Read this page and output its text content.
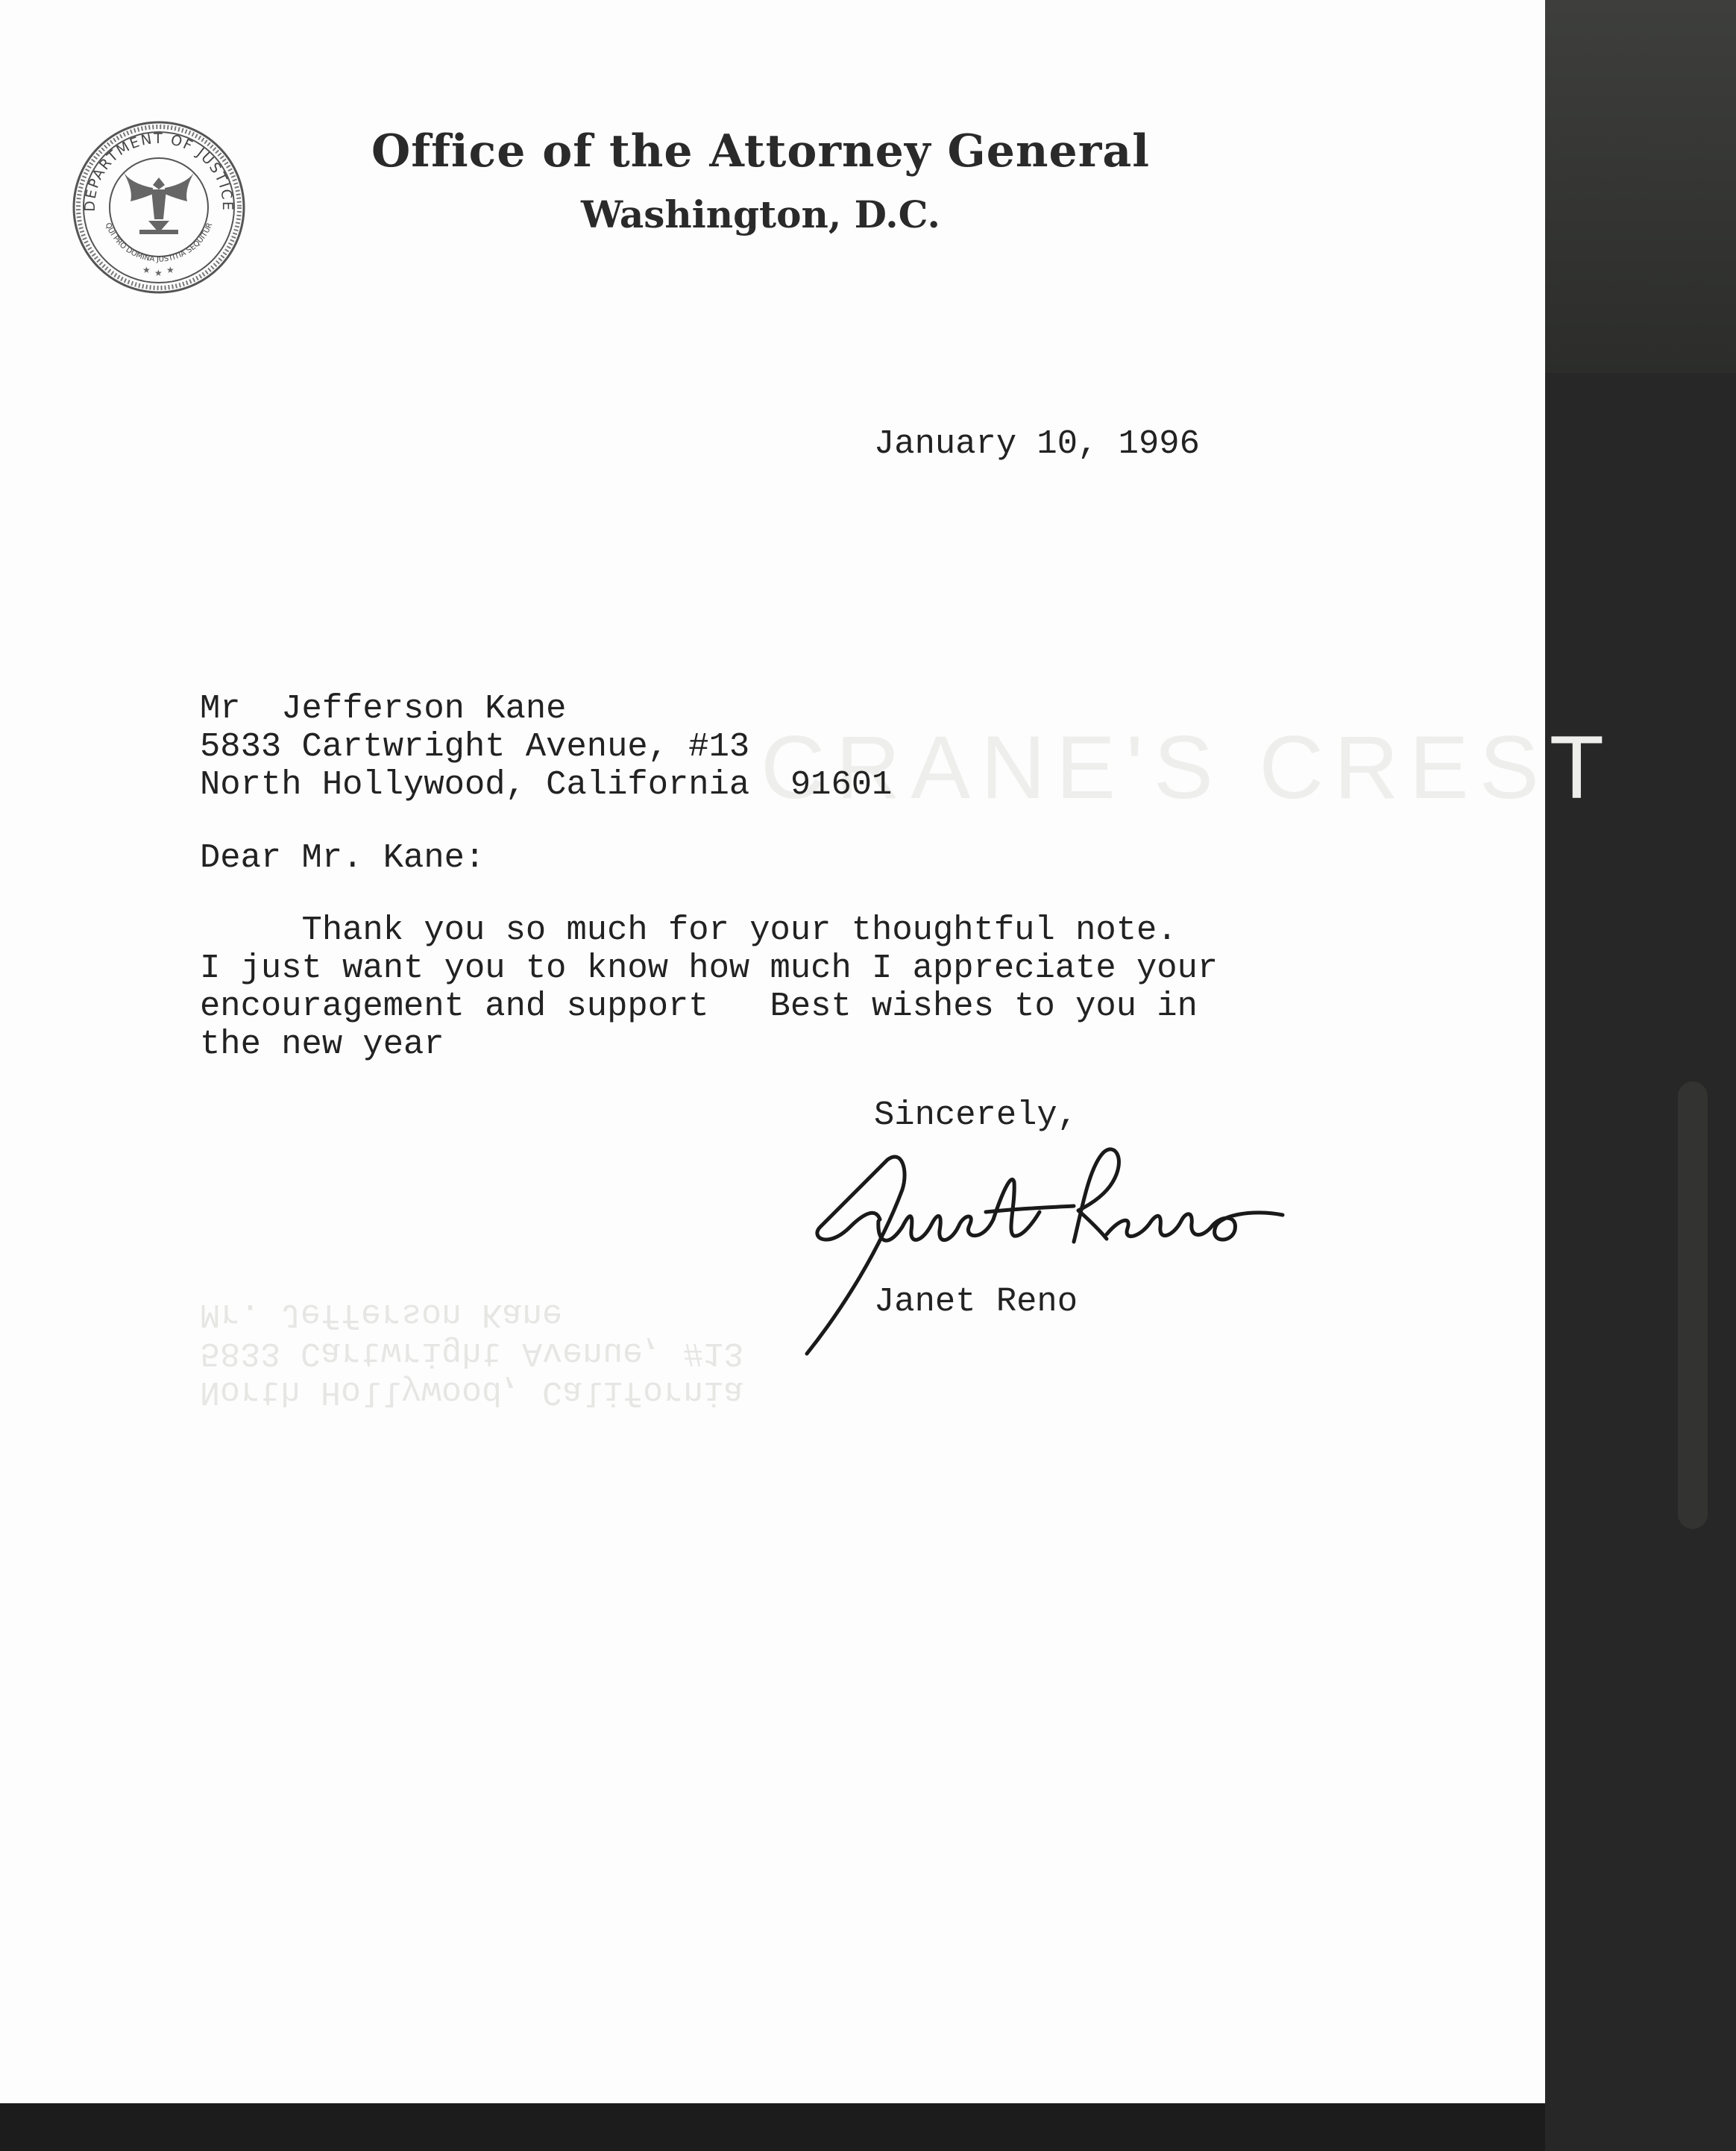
CRANE'S CREST
North Hollywood, California
5833 Cartwright Avenue, #13
Mr. Jefferson Kane
DEPARTMENT OF JUSTICE
QUI PRO DOMINA JUSTITIA SEQUITUR
★ ★ ★
Office of the Attorney General
Washington, D.C.
January 10, 1996
Mr  Jefferson Kane
5833 Cartwright Avenue, #13
North Hollywood, California  91601
Dear Mr. Kane:
Thank you so much for your thoughtful note.
I just want you to know how much I appreciate your
encouragement and support   Best wishes to you in
the new year
Sincerely,
Janet Reno
